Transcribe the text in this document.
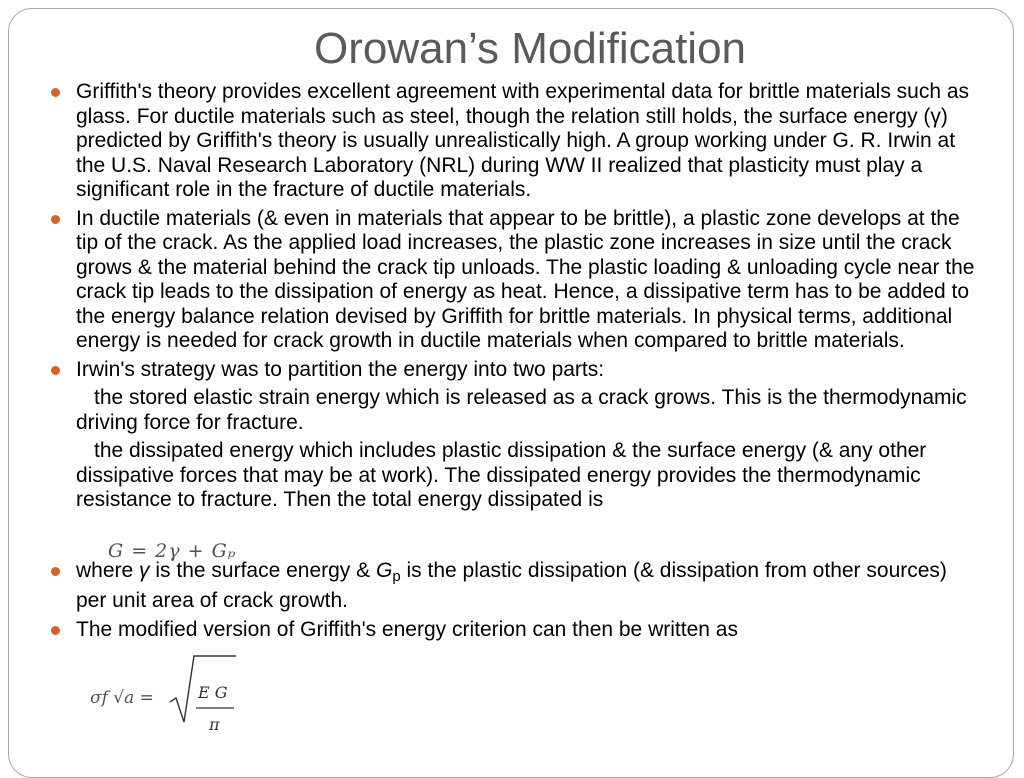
Orowan’s Modification
Griffith's theory provides excellent agreement with experimental data for brittle materials such as glass. For ductile materials such as steel, though the relation still holds, the surface energy (γ) predicted by Griffith's theory is usually unrealistically high. A group working under G. R. Irwin at the U.S. Naval Research Laboratory (NRL) during WW II realized that plasticity must play a significant role in the fracture of ductile materials.
In ductile materials (& even in materials that appear to be brittle), a plastic zone develops at the tip of the crack. As the applied load increases, the plastic zone increases in size until the crack grows & the material behind the crack tip unloads. The plastic loading & unloading cycle near the crack tip leads to the dissipation of energy as heat. Hence, a dissipative term has to be added to the energy balance relation devised by Griffith for brittle materials. In physical terms, additional energy is needed for crack growth in ductile materials when compared to brittle materials.
Irwin's strategy was to partition the energy into two parts:
the stored elastic strain energy which is released as a crack grows. This is the thermodynamic driving force for fracture.
the dissipated energy which includes plastic dissipation & the surface energy (& any other dissipative forces that may be at work). The dissipated energy provides the thermodynamic resistance to fracture. Then the total energy dissipated is
where γ is the surface energy & $G_p$ is the plastic dissipation (& dissipation from other sources) per unit area of crack growth.
The modified version of Griffith's energy criterion can then be written as
G = 2γ + Gₚ
σf √a =	E G
π
